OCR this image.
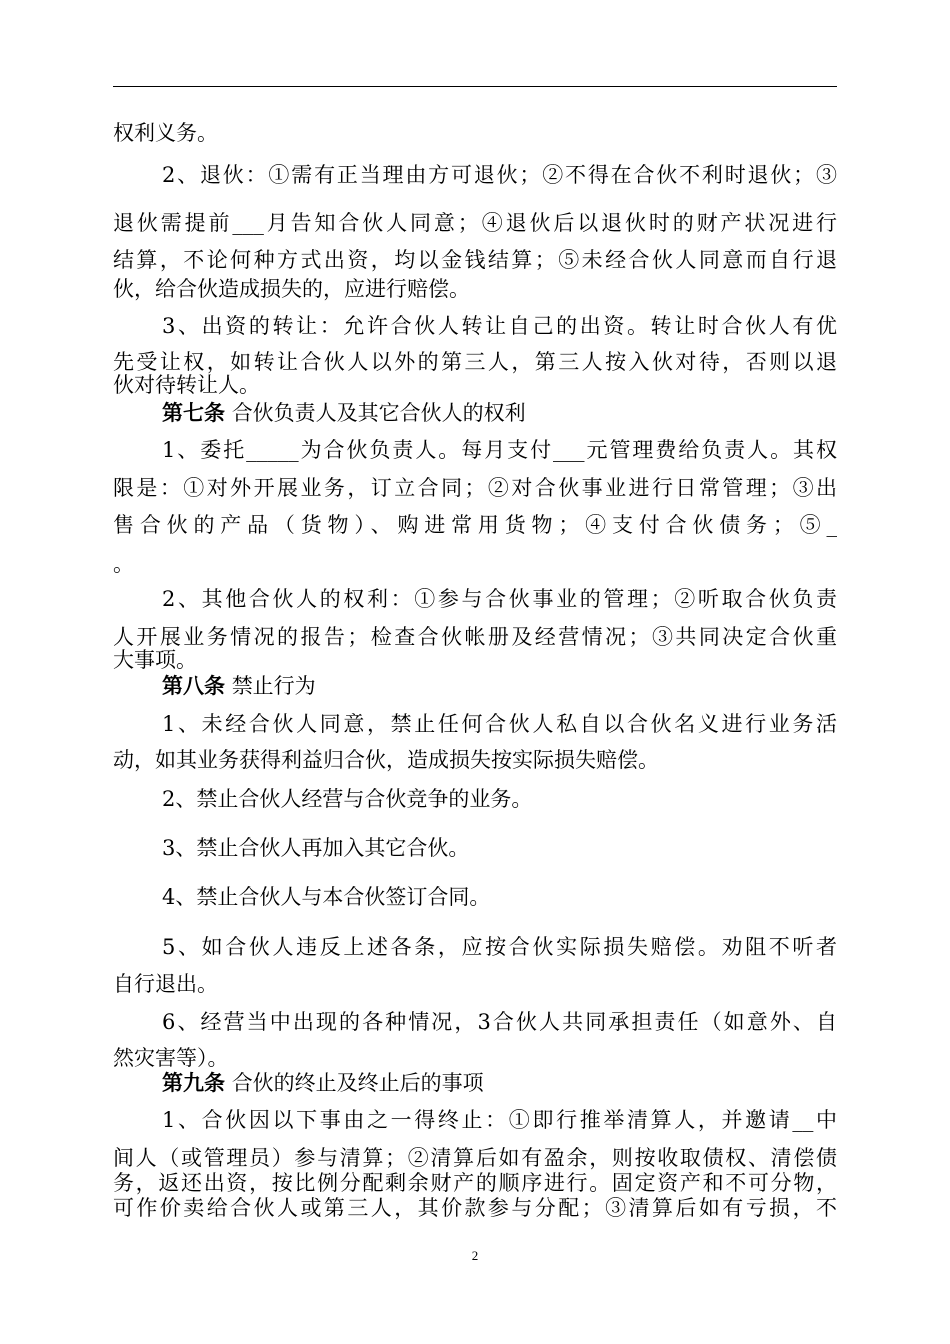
权利义务。

2、退伙：①需有正当理由方可退伙；②不得在合伙不利时退伙；③

退伙需提前___月告知合伙人同意；④退伙后以退伙时的财产状况进行

结算，不论何种方式出资，均以金钱结算；⑤未经合伙人同意而自行退

伙，给合伙造成损失的，应进行赔偿。

3、出资的转让：允许合伙人转让自己的出资。转让时合伙人有优

先受让权，如转让合伙人以外的第三人，第三人按入伙对待，否则以退

伙对待转让人。

第七条 合伙负责人及其它合伙人的权利

1、委托_____为合伙负责人。每月支付___元管理费给负责人。其权

限是：①对外开展业务，订立合同；②对合伙事业进行日常管理；③出

售合伙的产品（货物）、购进常用货物；④支付合伙债务；⑤_

。

2、其他合伙人的权利：①参与合伙事业的管理；②听取合伙负责

人开展业务情况的报告；检查合伙帐册及经营情况；③共同决定合伙重

大事项。

第八条 禁止行为

1、未经合伙人同意，禁止任何合伙人私自以合伙名义进行业务活

动，如其业务获得利益归合伙，造成损失按实际损失赔偿。

2、禁止合伙人经营与合伙竞争的业务。

3、禁止合伙人再加入其它合伙。

4、禁止合伙人与本合伙签订合同。

5、如合伙人违反上述各条，应按合伙实际损失赔偿。劝阻不听者

自行退出。

6、经营当中出现的各种情况，3合伙人共同承担责任（如意外、自

然灾害等）。

第九条 合伙的终止及终止后的事项

1、合伙因以下事由之一得终止：①即行推举清算人，并邀请__中

间人（或管理员）参与清算；②清算后如有盈余，则按收取债权、清偿债

务，返还出资，按比例分配剩余财产的顺序进行。固定资产和不可分物，

可作价卖给合伙人或第三人，其价款参与分配；③清算后如有亏损，不

2
